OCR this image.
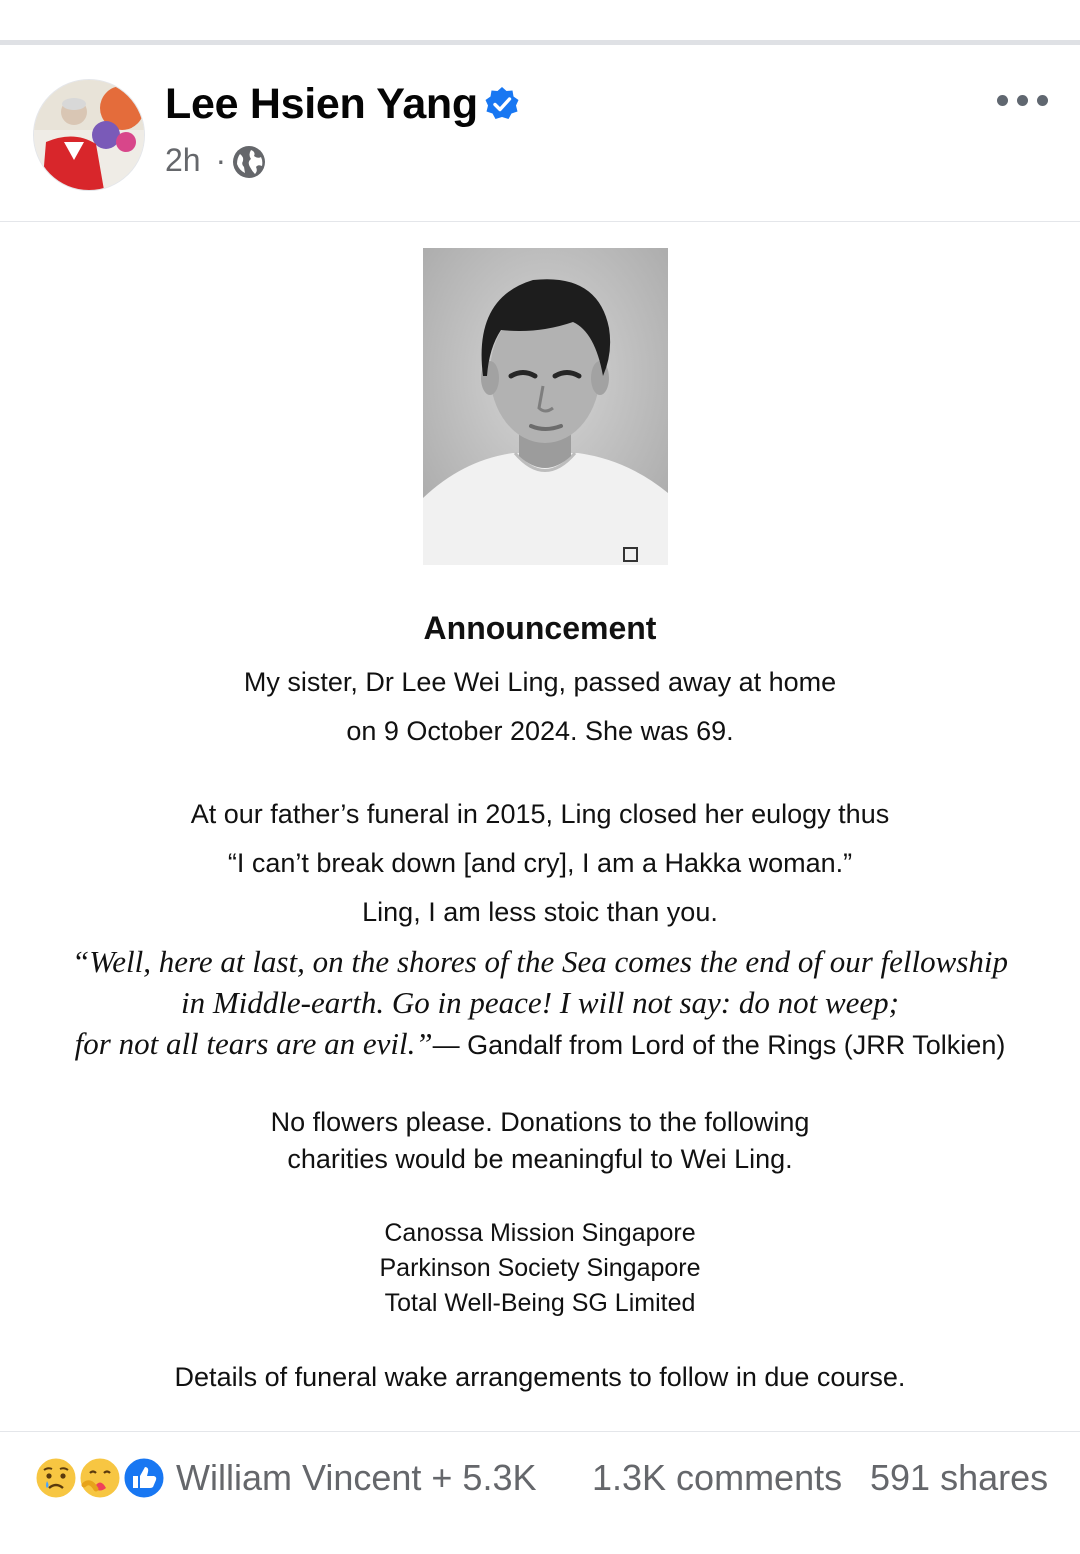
Lee Hsien Yang
2h ·
Announcement
My sister, Dr Lee Wei Ling, passed away at home
on 9 October 2024. She was 69.
At our father’s funeral in 2015, Ling closed her eulogy thus
“I can’t break down [and cry], I am a Hakka woman.”
Ling, I am less stoic than you.
“Well, here at last, on the shores of the Sea comes the end of our fellowship
in Middle-earth. Go in peace! I will not say: do not weep;
for not all tears are an evil.”— Gandalf from Lord of the Rings (JRR Tolkien)
No flowers please. Donations to the following
charities would be meaningful to Wei Ling.
Canossa Mission Singapore
Parkinson Society Singapore
Total Well-Being SG Limited
Details of funeral wake arrangements to follow in due course.
William Vincent + 5.3K 1.3K comments 591 shares
